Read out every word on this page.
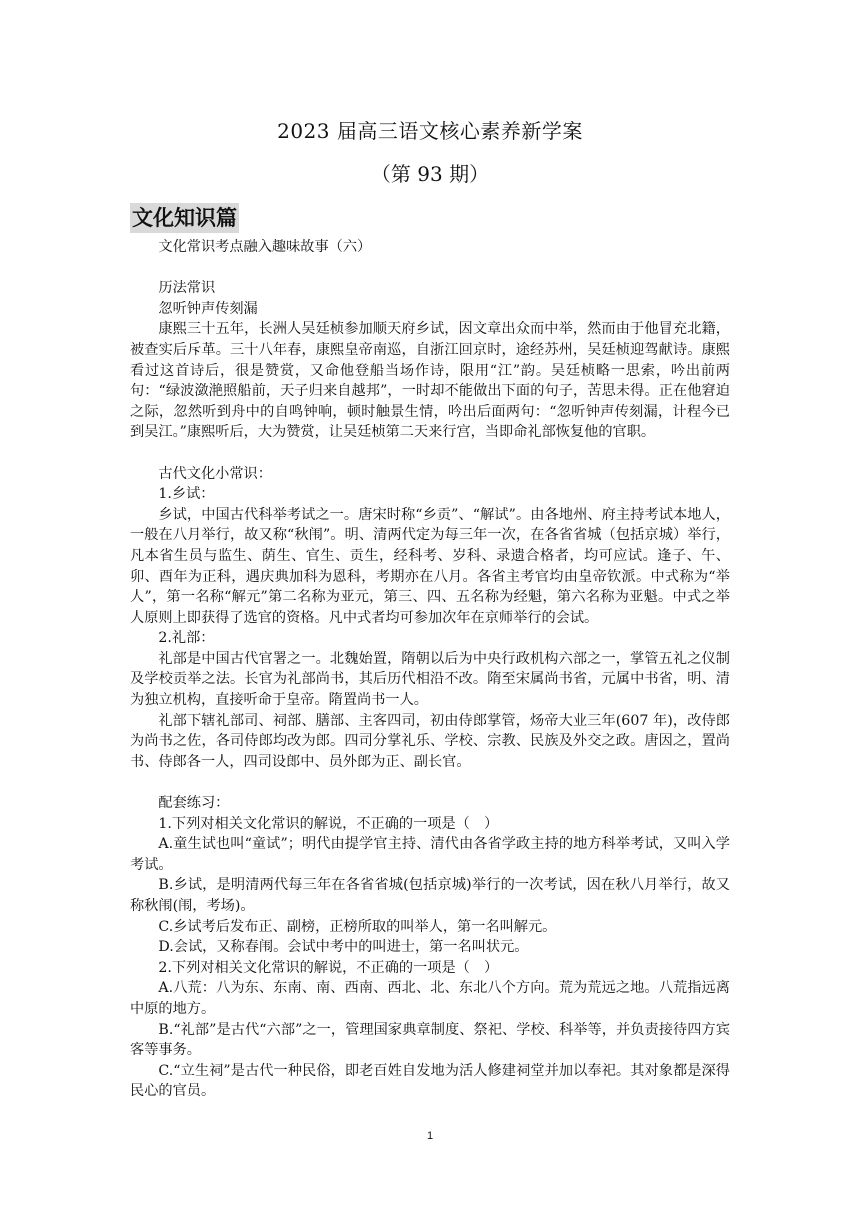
2023 届高三语文核心素养新学案
（第 93 期）
文化知识篇

文化常识考点融入趣味故事（六）

历法常识

忽听钟声传刻漏

康熙三十五年，长洲人吴廷桢参加顺天府乡试，因文章出众而中举，然而由于他冒充北籍，被查实后斥革。三十八年春，康熙皇帝南巡，自浙江回京时，途经苏州，吴廷桢迎驾献诗。康熙看过这首诗后，很是赞赏，又命他登船当场作诗，限用“江”韵。吴廷桢略一思索，吟出前两句：“绿波潋滟照船前，天子归来自越邦”，一时却不能做出下面的句子，苦思未得。正在他窘迫之际，忽然听到舟中的自鸣钟响，顿时触景生情，吟出后面两句：“忽听钟声传刻漏，计程今已到吴江。”康熙听后，大为赞赏，让吴廷桢第二天来行宫，当即命礼部恢复他的官职。

古代文化小常识：

1.乡试：

乡试，中国古代科举考试之一。唐宋时称“乡贡”、“解试”。由各地州、府主持考试本地人，一般在八月举行，故又称“秋闱”。明、清两代定为每三年一次，在各省省城（包括京城）举行，凡本省生员与监生、荫生、官生、贡生，经科考、岁科、录遗合格者，均可应试。逢子、午、卯、酉年为正科，遇庆典加科为恩科，考期亦在八月。各省主考官均由皇帝钦派。中式称为“举人”，第一名称“解元”第二名称为亚元，第三、四、五名称为经魁，第六名称为亚魁。中式之举人原则上即获得了选官的资格。凡中式者均可参加次年在京师举行的会试。

2.礼部：

礼部是中国古代官署之一。北魏始置，隋朝以后为中央行政机构六部之一，掌管五礼之仪制及学校贡举之法。长官为礼部尚书，其后历代相沿不改。隋至宋属尚书省，元属中书省，明、清为独立机构，直接听命于皇帝。隋置尚书一人。

礼部下辖礼部司、祠部、膳部、主客四司，初由侍郎掌管，炀帝大业三年(607 年)，改侍郎为尚书之佐，各司侍郎均改为郎。四司分掌礼乐、学校、宗教、民族及外交之政。唐因之，置尚书、侍郎各一人，四司设郎中、员外郎为正、副长官。

配套练习：

1.下列对相关文化常识的解说，不正确的一项是（　）

A.童生试也叫“童试”；明代由提学官主持、清代由各省学政主持的地方科举考试，又叫入学考试。

B.乡试，是明清两代每三年在各省省城(包括京城)举行的一次考试，因在秋八月举行，故又称秋闱(闱，考场)。

C.乡试考后发布正、副榜，正榜所取的叫举人，第一名叫解元。

D.会试，又称春闱。会试中考中的叫进士，第一名叫状元。

2.下列对相关文化常识的解说，不正确的一项是（　）

A.八荒：八为东、东南、南、西南、西北、北、东北八个方向。荒为荒远之地。八荒指远离中原的地方。

B.“礼部”是古代“六部”之一，管理国家典章制度、祭祀、学校、科举等，并负责接待四方宾客等事务。

C.“立生祠”是古代一种民俗，即老百姓自发地为活人修建祠堂并加以奉祀。其对象都是深得民心的官员。

1
